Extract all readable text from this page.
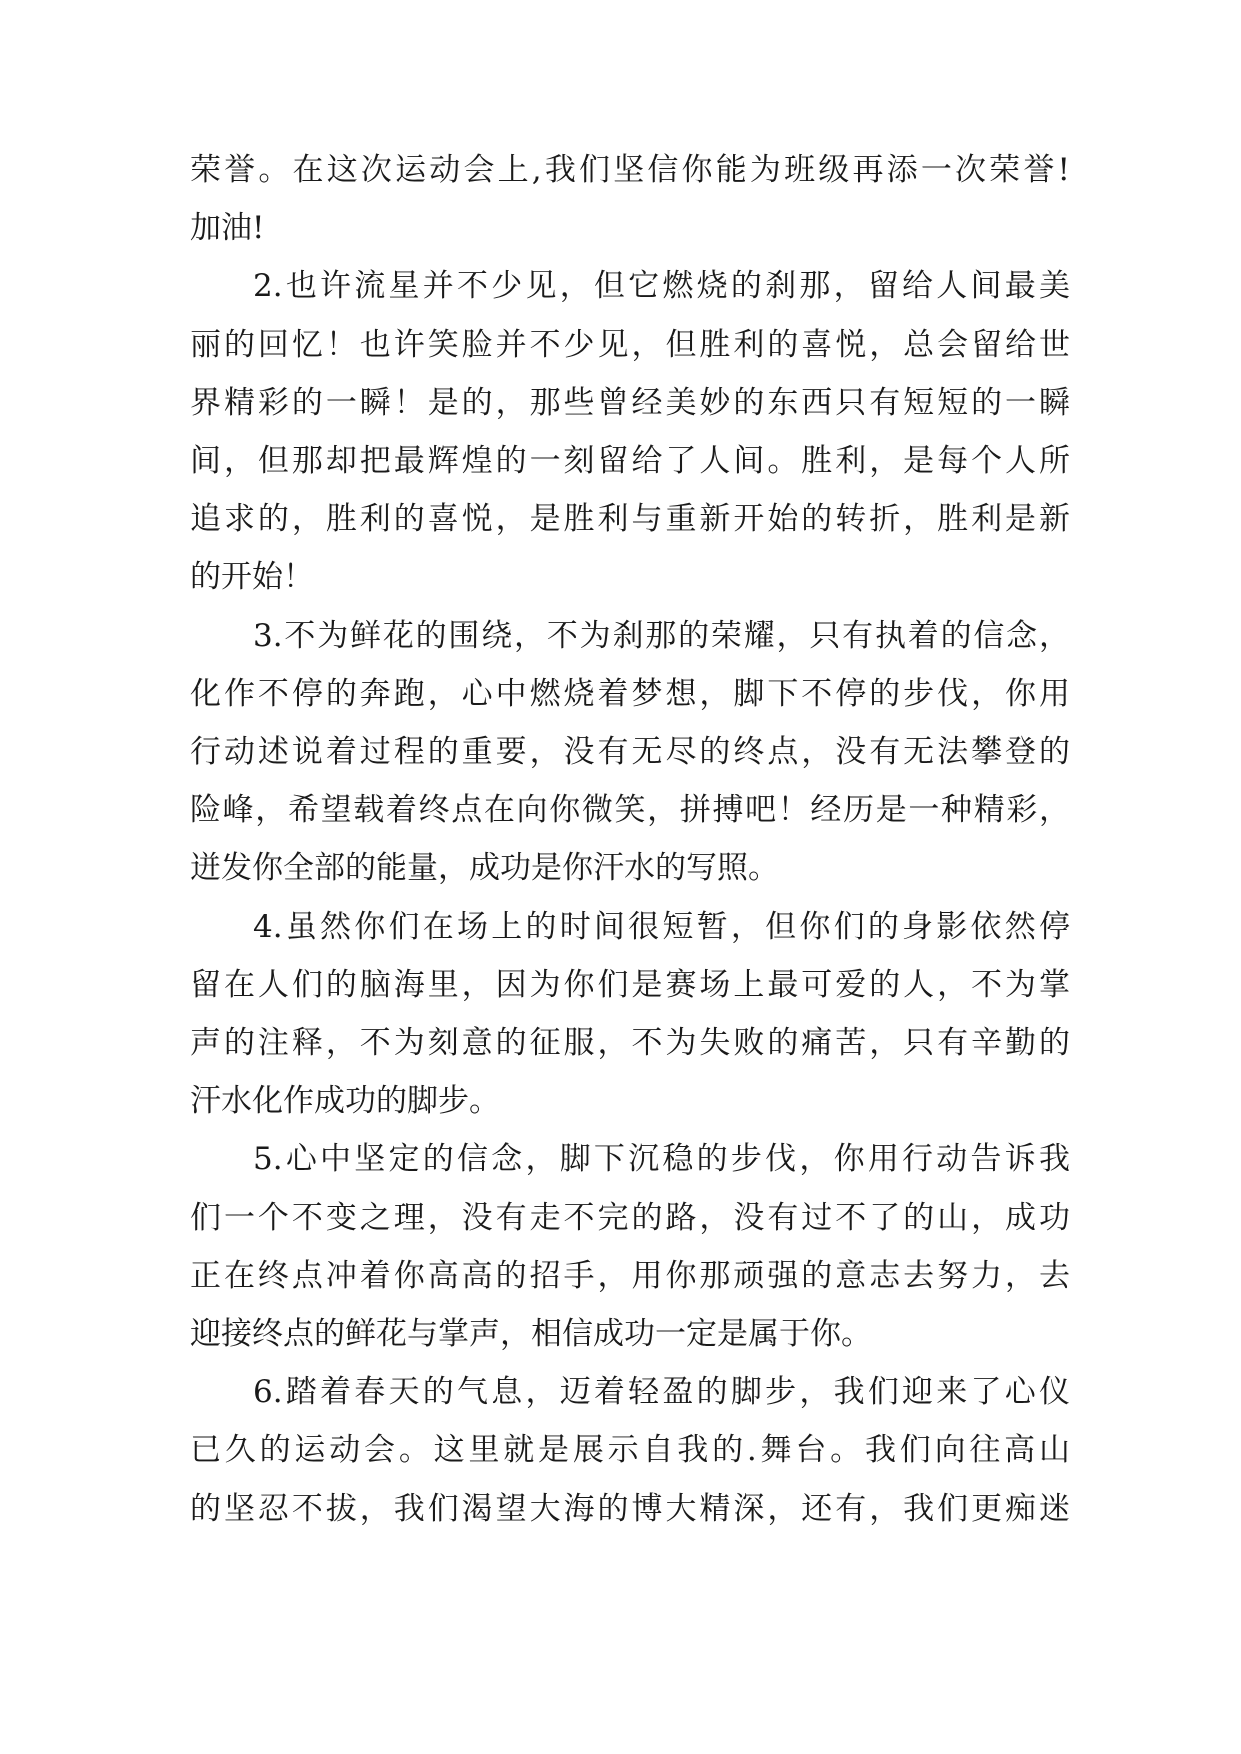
荣誉。在这次运动会上,我们坚信你能为班级再添一次荣誉!
加油!
2.也许流星并不少见，但它燃烧的刹那，留给人间最美
丽的回忆！也许笑脸并不少见，但胜利的喜悦，总会留给世
界精彩的一瞬！是的，那些曾经美妙的东西只有短短的一瞬
间，但那却把最辉煌的一刻留给了人间。胜利，是每个人所
追求的，胜利的喜悦，是胜利与重新开始的转折，胜利是新
的开始！
3.不为鲜花的围绕，不为刹那的荣耀，只有执着的信念，
化作不停的奔跑，心中燃烧着梦想，脚下不停的步伐，你用
行动述说着过程的重要，没有无尽的终点，没有无法攀登的
险峰，希望载着终点在向你微笑，拼搏吧！经历是一种精彩，
迸发你全部的能量，成功是你汗水的写照。
4.虽然你们在场上的时间很短暂，但你们的身影依然停
留在人们的脑海里，因为你们是赛场上最可爱的人，不为掌
声的注释，不为刻意的征服，不为失败的痛苦，只有辛勤的
汗水化作成功的脚步。
5.心中坚定的信念，脚下沉稳的步伐，你用行动告诉我
们一个不变之理，没有走不完的路，没有过不了的山，成功
正在终点冲着你高高的招手，用你那顽强的意志去努力，去
迎接终点的鲜花与掌声，相信成功一定是属于你。
6.踏着春天的气息，迈着轻盈的脚步，我们迎来了心仪
已久的运动会。这里就是展示自我的.舞台。我们向往高山
的坚忍不拔，我们渴望大海的博大精深，还有，我们更痴迷
